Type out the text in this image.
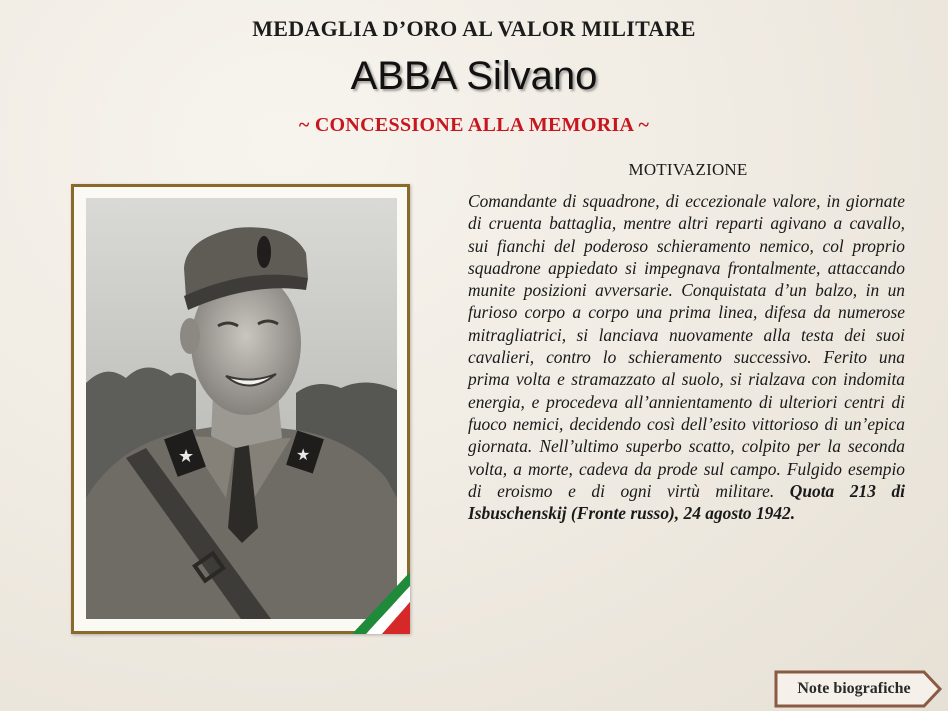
MEDAGLIA D’ORO AL VALOR MILITARE
ABBA Silvano
~ CONCESSIONE ALLA MEMORIA ~
★	★
MOTIVAZIONE
Comandante di squadrone, di eccezionale valore, in giornate di cruenta battaglia, mentre altri reparti agivano a cavallo, sui fianchi del poderoso schieramento nemico, col proprio squadrone appiedato si impegnava frontalmente, attaccando munite posizioni avversarie. Conquistata d’un balzo, in un furioso corpo a corpo una prima linea, difesa da numerose mitragliatrici, si lanciava nuovamente alla testa dei suoi cavalieri, contro lo schieramento successivo. Ferito una prima volta e stramazzato al suolo, si rialzava con indomita energia, e procedeva all’annientamento di ulteriori centri di fuoco nemici, decidendo così dell’esito vittorioso di un’epica giornata. Nell’ultimo superbo scatto, colpito per la seconda volta, a morte, cadeva da prode sul campo. Fulgido esempio di eroismo e di ogni virtù militare. Quota 213 di Isbuschenskij (Fronte russo), 24 agosto 1942.
Note biografiche
